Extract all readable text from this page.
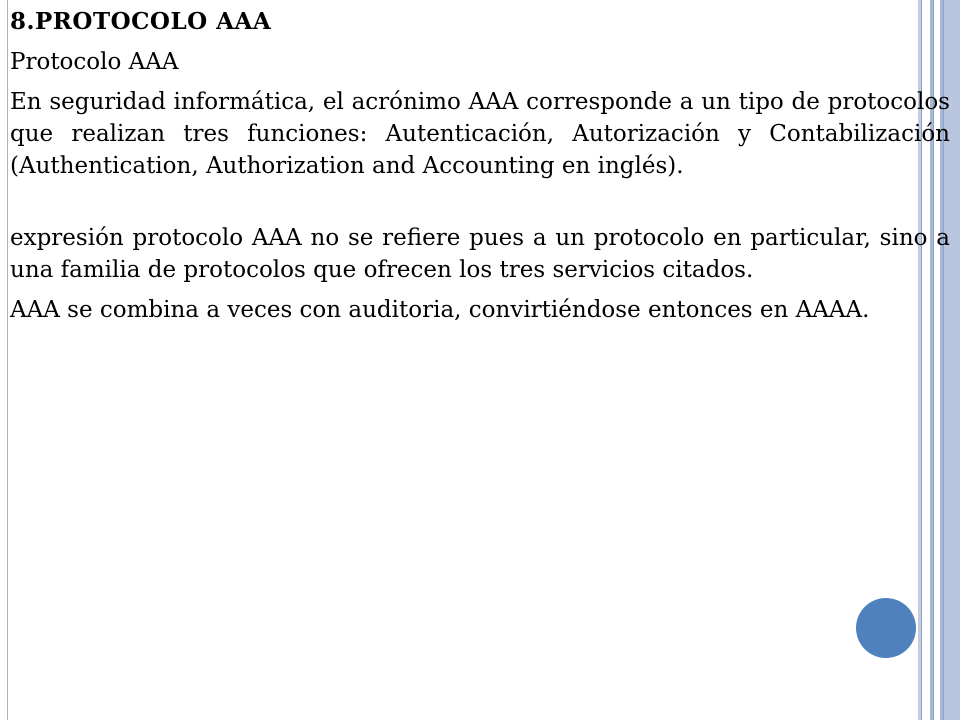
8.PROTOCOLO AAA
Protocolo AAA

En seguridad informática, el acrónimo AAA corresponde a un tipo de protocolos que realizan tres funciones: Autenticación, Autorización y Contabilización (Authentication, Authorization and Accounting en inglés).

expresión protocolo AAA no se refiere pues a un protocolo en particular, sino a una familia de protocolos que ofrecen los tres servicios citados.

AAA se combina a veces con auditoria, convirtiéndose entonces en AAAA.
